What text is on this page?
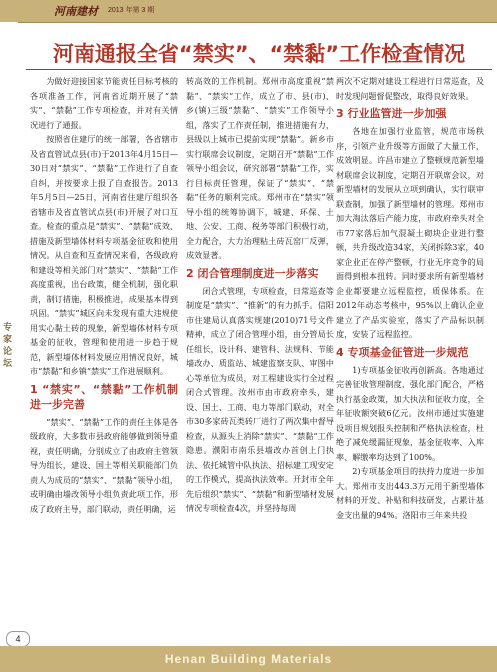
河南建材 2013 年第 3 期
专 家 论 坛
河南通报全省“禁实”、“禁黏”工作检查情况

为做好迎接国家节能责任目标考核的各项准备工作，河南省近期开展了“禁实”、“禁黏”工作专项检查，并对有关情况进行了通报。

按照省住建厅的统一部署，各省辖市及省直管试点县(市)于2013年4月15日—30日对“禁实”、“禁黏”工作进行了自查自纠，并按要求上报了自查报告。2013年5月5日—25日，河南省住建厅组织各省辖市及省直管试点县(市)开展了对口互查。检查的重点是“禁实”、“禁黏”成效、措施及新型墙体材料专项基金征收和使用情况。从自查和互查情况来看，各级政府和建设等相关部门对“禁实”、“禁黏”工作高度重视，出台政策，健全机制，强化职责，制订措施，积极推进，成果基本得到巩固。“禁实”城区向未发现有重大违规使用实心黏土砖的现象，新型墙体材料专项基金的征收，管理和使用进一步趋于规范，新型墙体材料发展应用情况良好，城市“禁黏”和乡镇“禁实”工作进展顺利。

1 “禁实”、“禁黏”工作机制进一步完善

“禁实”、“禁黏”工作的责任主体是各级政府，大多数市县政府能够做到领导重视，责任明确，分别成立了由政府主管领导为组长，建设、国土等相关职能部门负责人为成员的“禁实”、“禁黏”领导小组，或明确由墙改领导小组负责此项工作，形成了政府主导，部门联动，责任明确，运

转高效的工作机制。郑州市高度重视“禁黏”、“禁实”工作，成立了市、县(市)、乡(镇)三级“禁黏”、“禁实”工作领导小组，落实了工作责任制，推进措施有力，县级以上城市已提前实现“禁黏”。新乡市实行联席会议制度，定期召开“禁黏”工作领导小组会议，研究部署“禁黏”工作，实行目标责任管理，保证了“禁实”、“禁黏”任务的顺利完成。郑州市在“禁实”领导小组的统筹协调下，城建、环保、土地、公安、工商、税务等部门积极行动，全力配合，大力治理粘土砖瓦窑厂反弹，成效显著。

2 闭合管理制度进一步落实

闭合式管理，专项检查，日常巡查等制度是“禁实”、“推新”的有力抓手。信阳市住建局认真落实规建(2010)71号文件精神，成立了闭合管理小组，由分管局长任组长，设计科、建管科、法规科、节能墙改办、质监站、城建监察支队、审图中心等单位为成员，对工程建设实行全过程闭合式管理。汝州市由市政府牵头，建设、国土、工商、电力等部门联动，对全市30多家砖瓦类砖厂进行了两次集中督导检查，从源头上消除“禁实”、“禁黏”工作隐患。濮阳市南乐县墙改办首创上门执法、依托城管中队执法、招标建工现安定的工作模式，提高执法效率。开封市全年先后组织“禁实”、“禁黏”和新型墙材发展情况专项检查4次，并坚持每周

两次不定期对建设工程进行日常巡查，及时发现问题督促整改，取得良好效果。

3 行业监管进一步加强

各地在加强行业监管，规范市场秩序，引领产业升级等方面做了大量工作，成效明显。许昌市建立了整顿规范新型墙材联席会议制度，定期召开联席会议，对新型墙材的发展从立项到确认，实行联审联查制，加强了新型墙材的管理。郑州市加大淘汰落后产能力度，市政府牵头对全市77家落后加气混凝土砌块企业进行整顿，共升级改造34家，关闭拆除3家，40家企业正在停产整顿，行业无序竞争的局面得到根本扭转。同时要求所有新型墙材企业都要建立远程监控，质保体系。在2012年动态考核中，95%以上确认企业建立了产品实验室，落实了产品标识制度，安装了远程监控。

4 专项基金征管进一步规范

1)专项基金征收再创新高。各地通过完善征收管理制度，强化部门配合，严格执行基金政策，加大执法和征收力度，全年征收额突破6亿元。汝州市通过实施建设项目规划报头控制和严格执法检查，杜绝了减免缓漏征现象，基金征收率、入库率、解缴率均达到了100%。

2)专项基金项目的扶持力度进一步加大。郑州市支出443.3万元用于新型墙体材料的开发、补贴和科技研发，占累计基金支出量的94%。洛阳市三年来共投

4
Henan Building Materials
